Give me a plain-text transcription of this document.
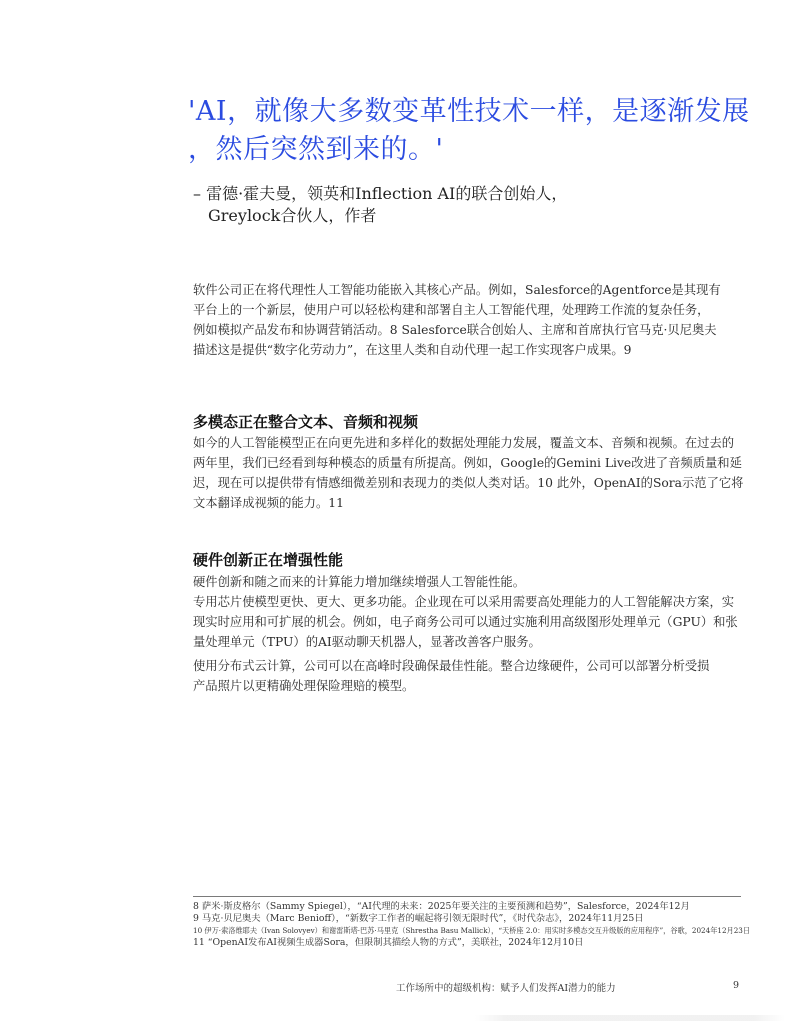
'AI，就像大多数变革性技术一样，是逐渐发展
，然后突然到来的。'
– 雷德·霍夫曼，领英和Inflection AI的联合创始人，
Greylock合伙人，作者
软件公司正在将代理性人工智能功能嵌入其核心产品。例如，Salesforce的Agentforce是其现有
平台上的一个新层，使用户可以轻松构建和部署自主人工智能代理，处理跨工作流的复杂任务，
例如模拟产品发布和协调营销活动。8 Salesforce联合创始人、主席和首席执行官马克·贝尼奥夫
描述这是提供“数字化劳动力”，在这里人类和自动代理一起工作实现客户成果。9
多模态正在整合文本、音频和视频
如今的人工智能模型正在向更先进和多样化的数据处理能力发展，覆盖文本、音频和视频。在过去的
两年里，我们已经看到每种模态的质量有所提高。例如，Google的Gemini Live改进了音频质量和延
迟，现在可以提供带有情感细微差别和表现力的类似人类对话。10 此外，OpenAI的Sora示范了它将
文本翻译成视频的能力。11
硬件创新正在增强性能
硬件创新和随之而来的计算能力增加继续增强人工智能性能。
专用芯片使模型更快、更大、更多功能。企业现在可以采用需要高处理能力的人工智能解决方案，实
现实时应用和可扩展的机会。例如，电子商务公司可以通过实施利用高级图形处理单元（GPU）和张
量处理单元（TPU）的AI驱动聊天机器人，显著改善客户服务。
使用分布式云计算，公司可以在高峰时段确保最佳性能。整合边缘硬件，公司可以部署分析受损
产品照片以更精确处理保险理赔的模型。
8 萨米·斯皮格尔（Sammy Spiegel），“AI代理的未来：2025年要关注的主要预测和趋势”，Salesforce，2024年12月
9 马克·贝尼奥夫（Marc Benioff），“新数字工作者的崛起将引领无限时代”，《时代杂志》，2024年11月25日
10 伊万·索洛维耶夫（Ivan Solovyev）和谢雷斯塔·巴苏·马里克（Shrestha Basu Mallick），“天桥座 2.0：用实时多模态交互升级版的应用程序”，谷歌，2024年12月23日
11 “OpenAI发布AI视频生成器Sora，但限制其描绘人物的方式”，美联社，2024年12月10日
工作场所中的超级机构：赋予人们发挥AI潜力的能力	9
